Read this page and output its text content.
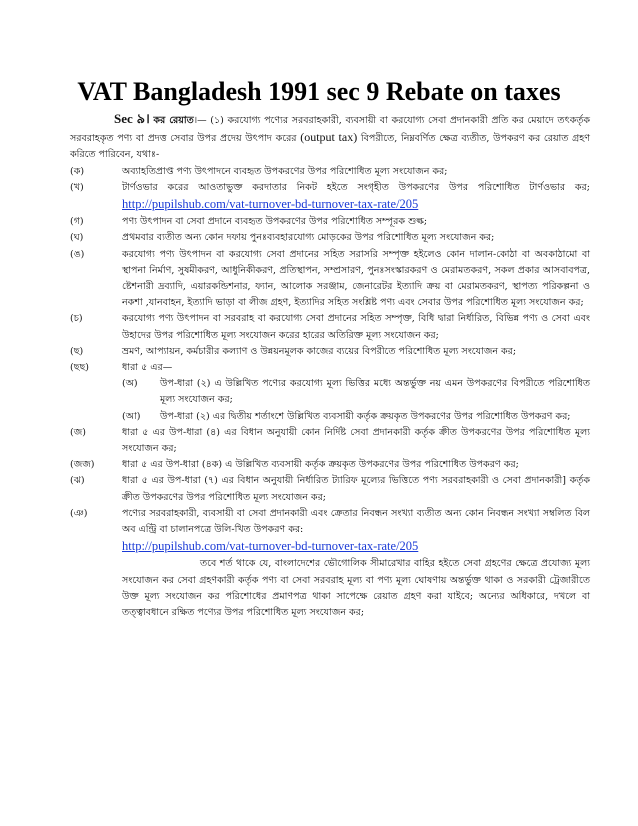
VAT Bangladesh 1991 sec 9 Rebate on taxes

Sec ৯। কর রেয়াত।— (১) করযোগ্য পণ্যের সরবরাহকারী, ব্যবসায়ী বা করযোগ্য সেবা প্রদানকারী প্রতি কর মেয়াদে তৎকর্তৃক সরবরাহকৃত পণ্য বা প্রদত্ত সেবার উপর প্রদেয় উৎপাদ করের (output tax) বিপরীতে, নিম্নবর্ণিত ক্ষেত্র ব্যতীত, উপকরণ কর রেয়াত গ্রহণ করিতে পারিবেন, যথাঃ-

(ক)	অব্যাহতিপ্রাপ্ত পণ্য উৎপাদনে ব্যবহৃত উপকরণের উপর পরিশোধিত মূল্য সংযোজন কর;
(খ)	টার্ণওভার করের আওতাভুক্ত করদাতার নিকট হইতে সংগৃহীত উপকরণের উপর পরিশোধিত টার্ণওভার কর; http://pupilshub.com/vat-turnover-bd-turnover-tax-rate/205
(গ)	পণ্য উৎপাদন বা সেবা প্রদানে ব্যবহৃত উপকরণের উপর পরিশোধিত সম্পূরক শুল্ক;
(ঘ)	প্রথমবার ব্যতীত অন্য কোন দফায় পুনঃব্যবহারযোগ্য মোড়কের উপর পরিশোধিত মূল্য সংযোজন কর;
(ঙ)	করযোগ্য পণ্য উৎপাদন বা করযোগ্য সেবা প্রদানের সহিত সরাসরি সম্পৃক্ত হইলেও কোন দালান-কোঠা বা অবকাঠামো বা স্থাপনা নির্মাণ, সুষমীকরণ, আধুনিকীকরণ, প্রতিস্থাপন, সম্প্রসারণ, পুনঃসংস্কারকরণ ও মেরামতকরণ, সকল প্রকার আসবাবপত্র, ষ্টেশনারী দ্রব্যাদি, এয়ারকন্ডিশনার, ফ্যান, আলোক সরঞ্জাম, জেনারেটর ইত্যাদি ক্রয় বা মেরামতকরণ, স্থাপত্য পরিকল্পনা ও নকশা ,যানবাহন, ইত্যাদি ভাড়া বা লীজ গ্রহণ, ইত্যাদির সহিত সংশ্লিষ্ট পণ্য এবং সেবার উপর পরিশোধিত মূল্য সংযোজন কর;
(চ)	করযোগ্য পণ্য উৎপাদন বা সরবরাহ বা করযোগ্য সেবা প্রদানের সহিত সম্পৃক্ত, বিধি দ্বারা নির্ধারিত, বিভিন্ন পণ্য ও সেবা এবং উহাদের উপর পরিশোধিত মূল্য সংযোজন করের হারের অতিরিক্ত মূল্য সংযোজন কর;
(ছ)	ভ্রমণ, আপ্যায়ন, কর্মচারীর কল্যাণ ও উন্নয়নমূলক কাজের ব্যয়ের বিপরীতে পরিশোধিত মূল্য সংযোজন কর;
(ছছ)	ধারা ৫ এর—
(অ) উপ-ধারা (২) এ উল্লিখিত পণ্যের করযোগ্য মূল্য ভিত্তির মধ্যে অন্তর্ভুক্ত নয় এমন উপকরণের বিপরীতে পরিশোধিত মূল্য সংযোজন কর;
(আ) উপ-ধারা (২) এর দ্বিতীয় শর্তাংশে উল্লিখিত ব্যবসায়ী কর্তৃক ক্রয়কৃত উপকরণের উপর পরিশোধিত উপকরণ কর;
(জ)	ধারা ৫ এর উপ-ধারা (৪) এর বিধান অনুযায়ী কোন নির্দিষ্ট সেবা প্রদানকারী কর্তৃক ক্রীত উপকরণের উপর পরিশোধিত মূল্য সংযোজন কর;
(জজ)	ধারা ৫ এর উপ-ধারা (৪ক) এ উল্লিখিত ব্যবসায়ী কর্তৃক ক্রয়কৃত উপকরণের উপর পরিশোধিত উপকরণ কর;
(ঝ)	ধারা ৫ এর উপ-ধারা (৭) এর বিধান অনুযায়ী নির্ধারিত ট্যারিফ মূল্যের ভিত্তিতে পণ্য সরবরাহকারী ও সেবা প্রদানকারী] কর্তৃক ক্রীত উপকরণের উপর পরিশোধিত মূল্য সংযোজন কর;
(ঞ)	পণ্যের সরবরাহকারী, ব্যবসায়ী বা সেবা প্রদানকারী এবং ক্রেতার নিবন্ধন সংখ্যা ব্যতীত অন্য কোন নিবন্ধন সংখ্যা সম্বলিত বিল অব এন্ট্রি বা চালানপত্রে উলি-খিত উপকরণ কর:
http://pupilshub.com/vat-turnover-bd-turnover-tax-rate/205
তবে শর্ত থাকে যে, বাংলাদেশের ভৌগোলিক সীমারেখার বাহির হইতে সেবা গ্রহণের ক্ষেত্রে প্রযোজ্য মূল্য সংযোজন কর সেবা গ্রহণকারী কর্তৃক পণ্য বা সেবা সরবরাহ মূল্য বা পণ্য মূল্য ঘোষণায় অন্তর্ভুক্ত থাকা ও সরকারী ট্রেজারীতে উক্ত মূল্য সংযোজন কর পরিশোধের প্রমাণপত্র থাকা সাপেক্ষে রেয়াত গ্রহণ করা যাইবে; অন্যের অধিকারে, দখলে বা তত্ত্বাবধানে রক্ষিত পণ্যের উপর পরিশোধিত মূল্য সংযোজন কর;
